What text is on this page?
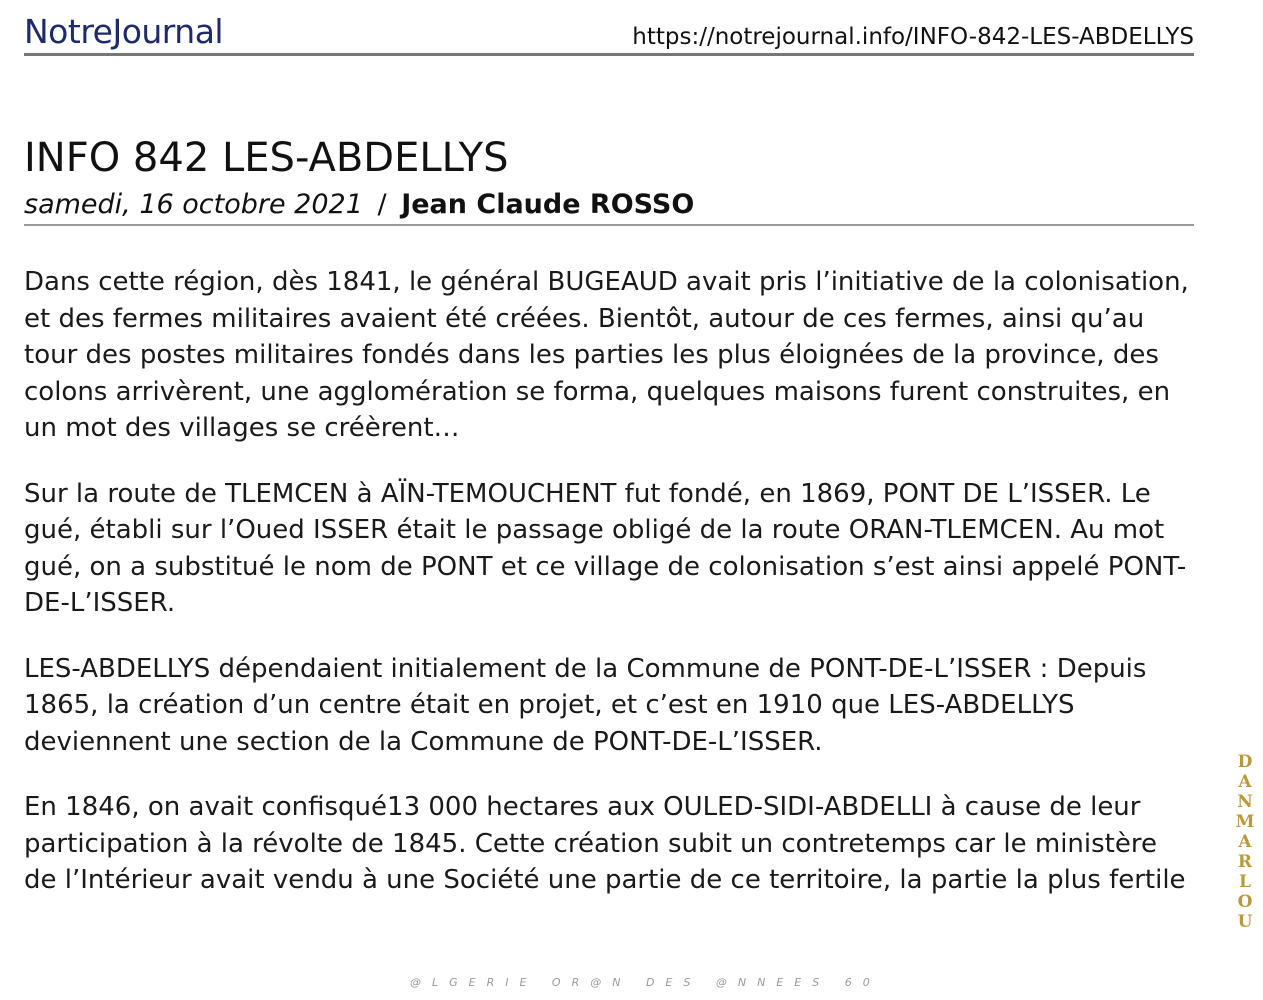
NotreJournal	https://notrejournal.info/INFO-842-LES-ABDELLYS
INFO 842 LES-ABDELLYS
samedi, 16 octobre 2021 / Jean Claude ROSSO

Dans cette région, dès 1841, le général BUGEAUD avait pris l’initiative de la colonisation, et des fermes militaires avaient été créées. Bientôt, autour de ces fermes, ainsi qu’au tour des postes militaires fondés dans les parties les plus éloignées de la province, des colons arrivèrent, une agglomération se forma, quelques maisons furent construites, en un mot des villages se créèrent…

Sur la route de TLEMCEN à AÏN-TEMOUCHENT fut fondé, en 1869, PONT DE L’ISSER. Le gué, établi sur l’Oued ISSER était le passage obligé de la route ORAN-TLEMCEN. Au mot gué, on a substitué le nom de PONT et ce village de colonisation s’est ainsi appelé PONT-DE-L’ISSER.

LES-ABDELLYS dépendaient initialement de la Commune de PONT-DE-L’ISSER : Depuis 1865, la création d’un centre était en projet, et c’est en 1910 que LES-ABDELLYS deviennent une section de la Commune de PONT-DE-L’ISSER.

En 1846, on avait confisqué13 000 hectares aux OULED-SIDI-ABDELLI à cause de leur participation à la révolte de 1845. Cette création subit un contretemps car le ministère de l’Intérieur avait vendu à une Société une partie de ce territoire, la partie la plus fertile

DANMARLOU
@LGERIE OR@N DES @NNEES 60
